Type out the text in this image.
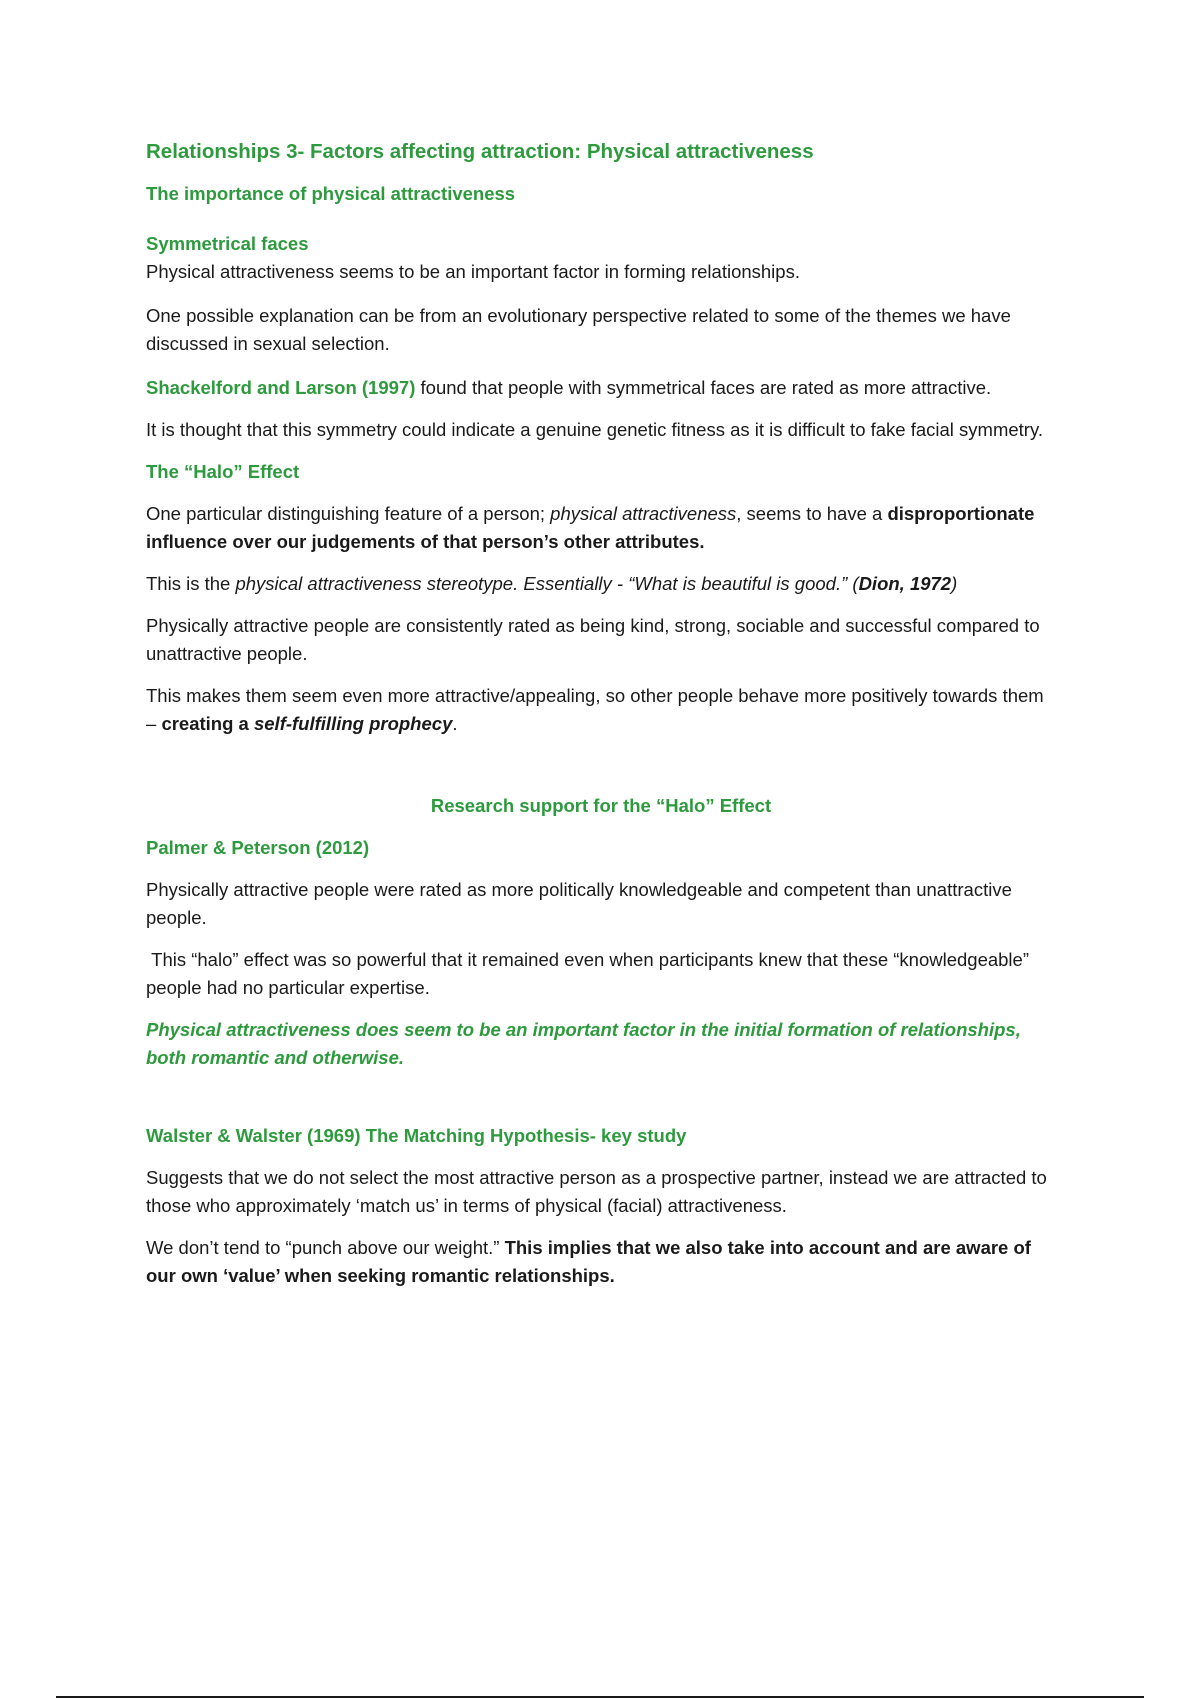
Relationships 3- Factors affecting attraction: Physical attractiveness
The importance of physical attractiveness
Symmetrical faces

Physical attractiveness seems to be an important factor in forming relationships.

One possible explanation can be from an evolutionary perspective related to some of the themes we have discussed in sexual selection.

Shackelford and Larson (1997) found that people with symmetrical faces are rated as more attractive.

It is thought that this symmetry could indicate a genuine genetic fitness as it is difficult to fake facial symmetry.

The “Halo” Effect

One particular distinguishing feature of a person; physical attractiveness, seems to have a disproportionate influence over our judgements of that person’s other attributes.

This is the physical attractiveness stereotype. Essentially - “What is beautiful is good.” (Dion, 1972)

Physically attractive people are consistently rated as being kind, strong, sociable and successful compared to unattractive people.

This makes them seem even more attractive/appealing, so other people behave more positively towards them – creating a self-fulfilling prophecy.

Research support for the “Halo” Effect
Palmer & Peterson (2012)

Physically attractive people were rated as more politically knowledgeable and competent than unattractive people.

This “halo” effect was so powerful that it remained even when participants knew that these “knowledgeable” people had no particular expertise.

Physical attractiveness does seem to be an important factor in the initial formation of relationships, both romantic and otherwise.

Walster & Walster (1969) The Matching Hypothesis- key study

Suggests that we do not select the most attractive person as a prospective partner, instead we are attracted to those who approximately ‘match us’ in terms of physical (facial) attractiveness.

We don’t tend to “punch above our weight.” This implies that we also take into account and are aware of our own ‘value’ when seeking romantic relationships.
